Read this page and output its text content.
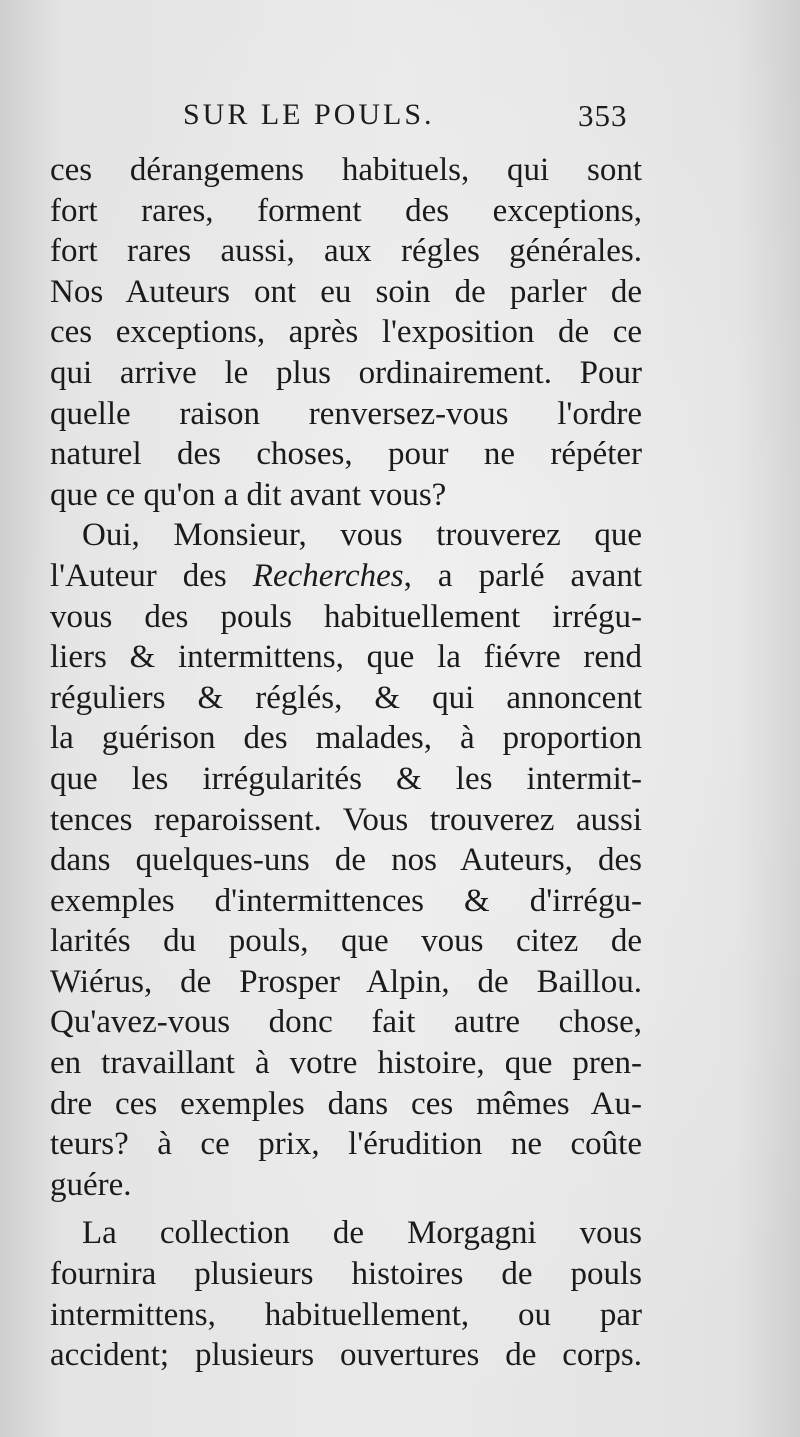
SUR LE POULS.	353
ces dérangemens habituels, qui sont
fort rares, forment des exceptions,
fort rares aussi, aux régles générales.
Nos Auteurs ont eu soin de parler de
ces exceptions, après l'exposition de ce
qui arrive le plus ordinairement. Pour
quelle raison renversez-vous l'ordre
naturel des choses, pour ne répéter
que ce qu'on a dit avant vous?
Oui, Monsieur, vous trouverez que
l'Auteur des Recherches, a parlé avant
vous des pouls habituellement irrégu-
liers & intermittens, que la fiévre rend
réguliers & réglés, & qui annoncent
la guérison des malades, à proportion
que les irrégularités & les intermit-
tences reparoissent. Vous trouverez aussi
dans quelques-uns de nos Auteurs, des
exemples d'intermittences & d'irrégu-
larités du pouls, que vous citez de
Wiérus, de Prosper Alpin, de Baillou.
Qu'avez-vous donc fait autre chose,
en travaillant à votre histoire, que pren-
dre ces exemples dans ces mêmes Au-
teurs? à ce prix, l'érudition ne coûte
guére.
La collection de Morgagni vous
fournira plusieurs histoires de pouls
intermittens, habituellement, ou par
accident; plusieurs ouvertures de corps.
